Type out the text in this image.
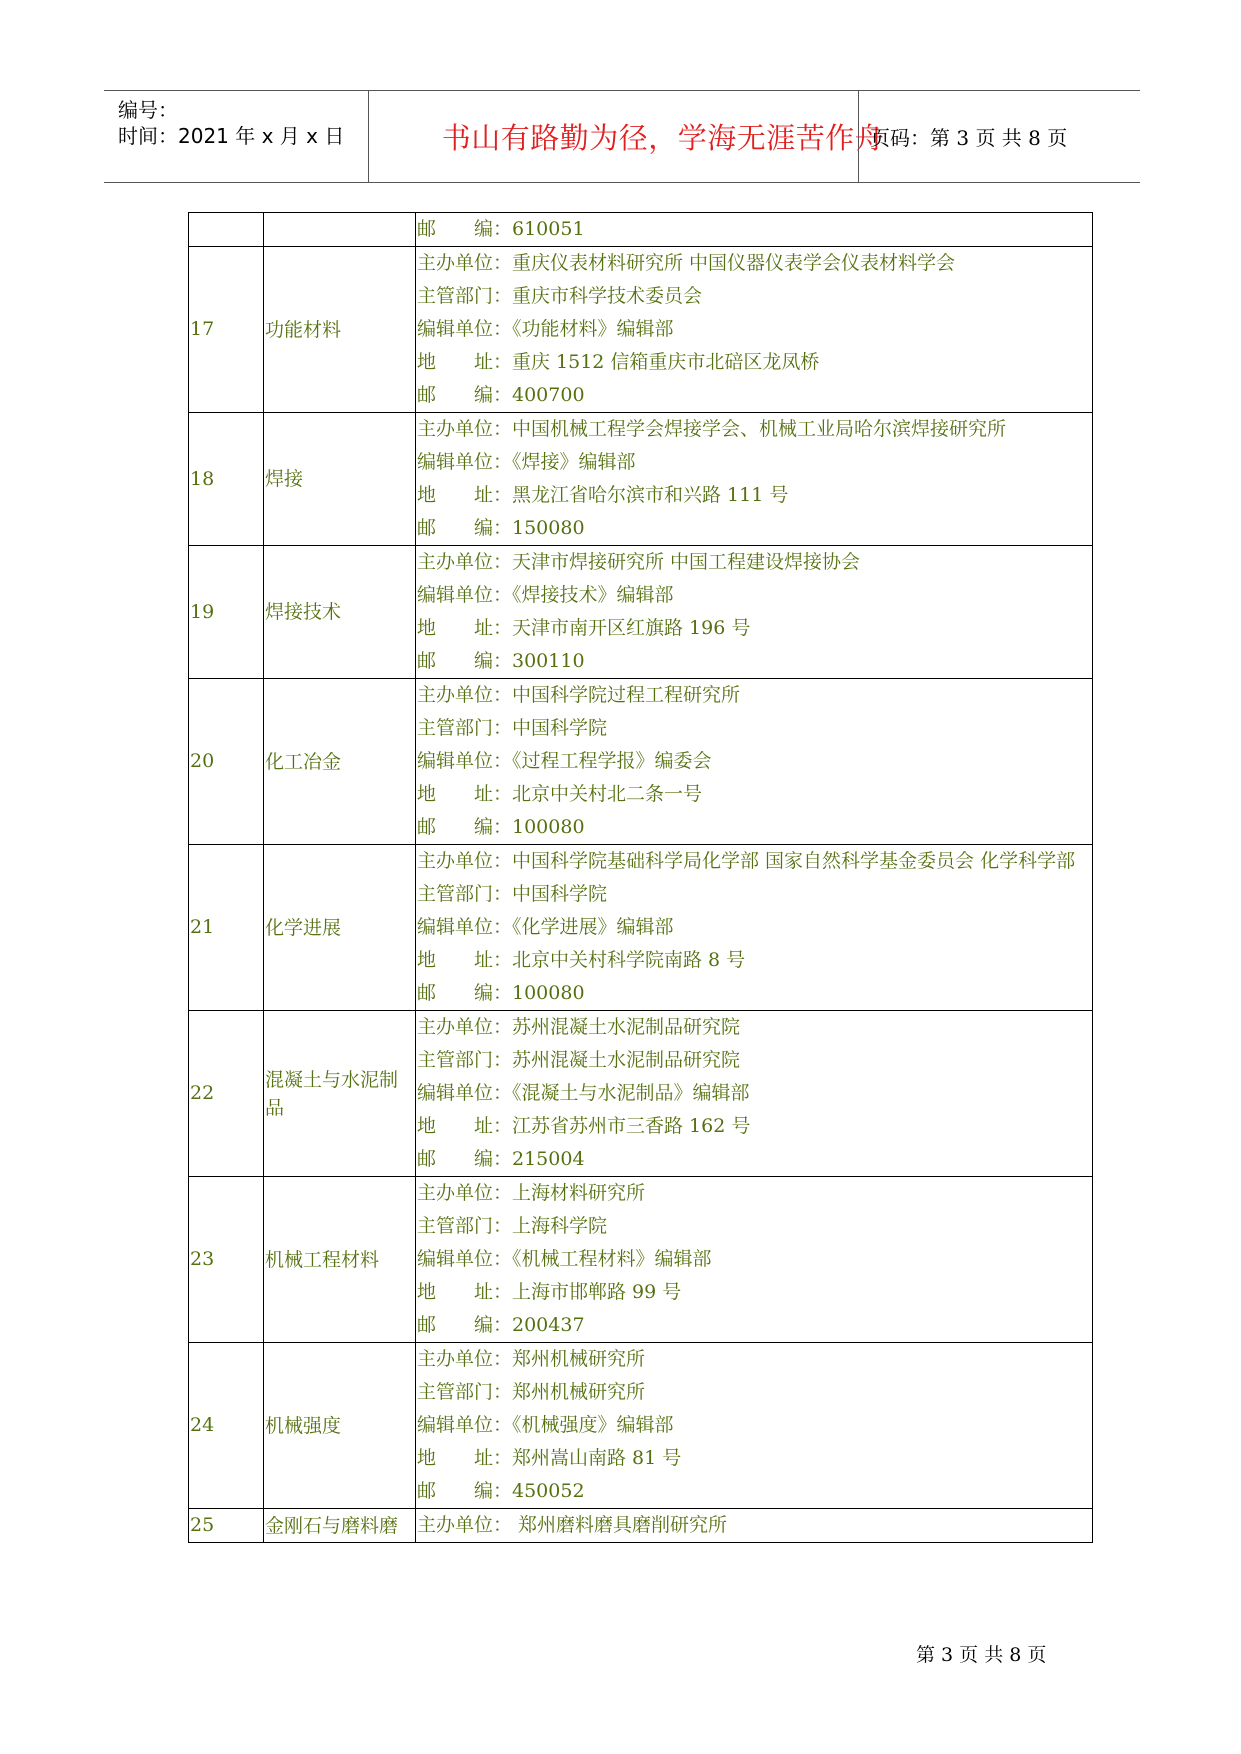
编号：
时间：2021 年 x 月 x 日	书山有路勤为径，学海无涯苦作舟
页码：第 3 页 共 8 页

		邮　　编：610051

17	功能材料	主办单位：重庆仪表材料研究所 中国仪器仪表学会仪表材料学会
主管部门：重庆市科学技术委员会
编辑单位：《功能材料》编辑部
地　　址：重庆 1512 信箱重庆市北碚区龙凤桥
邮　　编：400700

18	焊接	主办单位：中国机械工程学会焊接学会、机械工业局哈尔滨焊接研究所
编辑单位：《焊接》编辑部
地　　址：黑龙江省哈尔滨市和兴路 111 号
邮　　编：150080

19	焊接技术	主办单位：天津市焊接研究所 中国工程建设焊接协会
编辑单位：《焊接技术》编辑部
地　　址：天津市南开区红旗路 196 号
邮　　编：300110

20	化工冶金	主办单位：中国科学院过程工程研究所
主管部门：中国科学院
编辑单位：《过程工程学报》编委会
地　　址：北京中关村北二条一号
邮　　编：100080

21	化学进展	主办单位：中国科学院基础科学局化学部 国家自然科学基金委员会 化学科学部
主管部门：中国科学院
编辑单位：《化学进展》编辑部
地　　址：北京中关村科学院南路 8 号
邮　　编：100080

22	混凝土与水泥制品	主办单位：苏州混凝土水泥制品研究院
主管部门：苏州混凝土水泥制品研究院
编辑单位：《混凝土与水泥制品》编辑部
地　　址：江苏省苏州市三香路 162 号
邮　　编：215004

23	机械工程材料	主办单位：上海材料研究所
主管部门：上海科学院
编辑单位：《机械工程材料》编辑部
地　　址：上海市邯郸路 99 号
邮　　编：200437

24	机械强度	主办单位：郑州机械研究所
主管部门：郑州机械研究所
编辑单位：《机械强度》编辑部
地　　址：郑州嵩山南路 81 号
邮　　编：450052

25	金刚石与磨料磨	主办单位： 郑州磨料磨具磨削研究所
第 3 页 共 8 页
